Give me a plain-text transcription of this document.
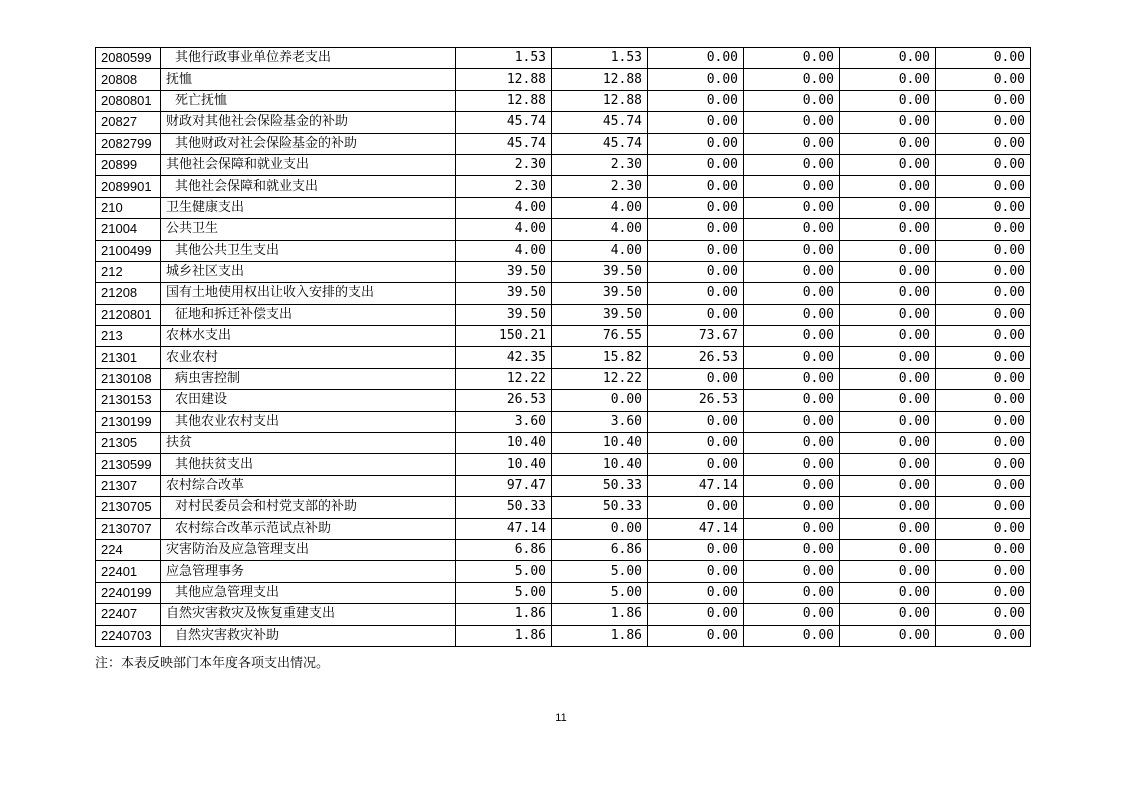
2080599	其他行政事业单位养老支出	1.53	1.53	0.00	0.00	0.00	0.00
20808	抚恤	12.88	12.88	0.00	0.00	0.00	0.00
2080801	死亡抚恤	12.88	12.88	0.00	0.00	0.00	0.00
20827	财政对其他社会保险基金的补助	45.74	45.74	0.00	0.00	0.00	0.00
2082799	其他财政对社会保险基金的补助	45.74	45.74	0.00	0.00	0.00	0.00
20899	其他社会保障和就业支出	2.30	2.30	0.00	0.00	0.00	0.00
2089901	其他社会保障和就业支出	2.30	2.30	0.00	0.00	0.00	0.00
210	卫生健康支出	4.00	4.00	0.00	0.00	0.00	0.00
21004	公共卫生	4.00	4.00	0.00	0.00	0.00	0.00
2100499	其他公共卫生支出	4.00	4.00	0.00	0.00	0.00	0.00
212	城乡社区支出	39.50	39.50	0.00	0.00	0.00	0.00
21208	国有土地使用权出让收入安排的支出	39.50	39.50	0.00	0.00	0.00	0.00
2120801	征地和拆迁补偿支出	39.50	39.50	0.00	0.00	0.00	0.00
213	农林水支出	150.21	76.55	73.67	0.00	0.00	0.00
21301	农业农村	42.35	15.82	26.53	0.00	0.00	0.00
2130108	病虫害控制	12.22	12.22	0.00	0.00	0.00	0.00
2130153	农田建设	26.53	0.00	26.53	0.00	0.00	0.00
2130199	其他农业农村支出	3.60	3.60	0.00	0.00	0.00	0.00
21305	扶贫	10.40	10.40	0.00	0.00	0.00	0.00
2130599	其他扶贫支出	10.40	10.40	0.00	0.00	0.00	0.00
21307	农村综合改革	97.47	50.33	47.14	0.00	0.00	0.00
2130705	对村民委员会和村党支部的补助	50.33	50.33	0.00	0.00	0.00	0.00
2130707	农村综合改革示范试点补助	47.14	0.00	47.14	0.00	0.00	0.00
224	灾害防治及应急管理支出	6.86	6.86	0.00	0.00	0.00	0.00
22401	应急管理事务	5.00	5.00	0.00	0.00	0.00	0.00
2240199	其他应急管理支出	5.00	5.00	0.00	0.00	0.00	0.00
22407	自然灾害救灾及恢复重建支出	1.86	1.86	0.00	0.00	0.00	0.00
2240703	自然灾害救灾补助	1.86	1.86	0.00	0.00	0.00	0.00
注：本表反映部门本年度各项支出情况。
11
